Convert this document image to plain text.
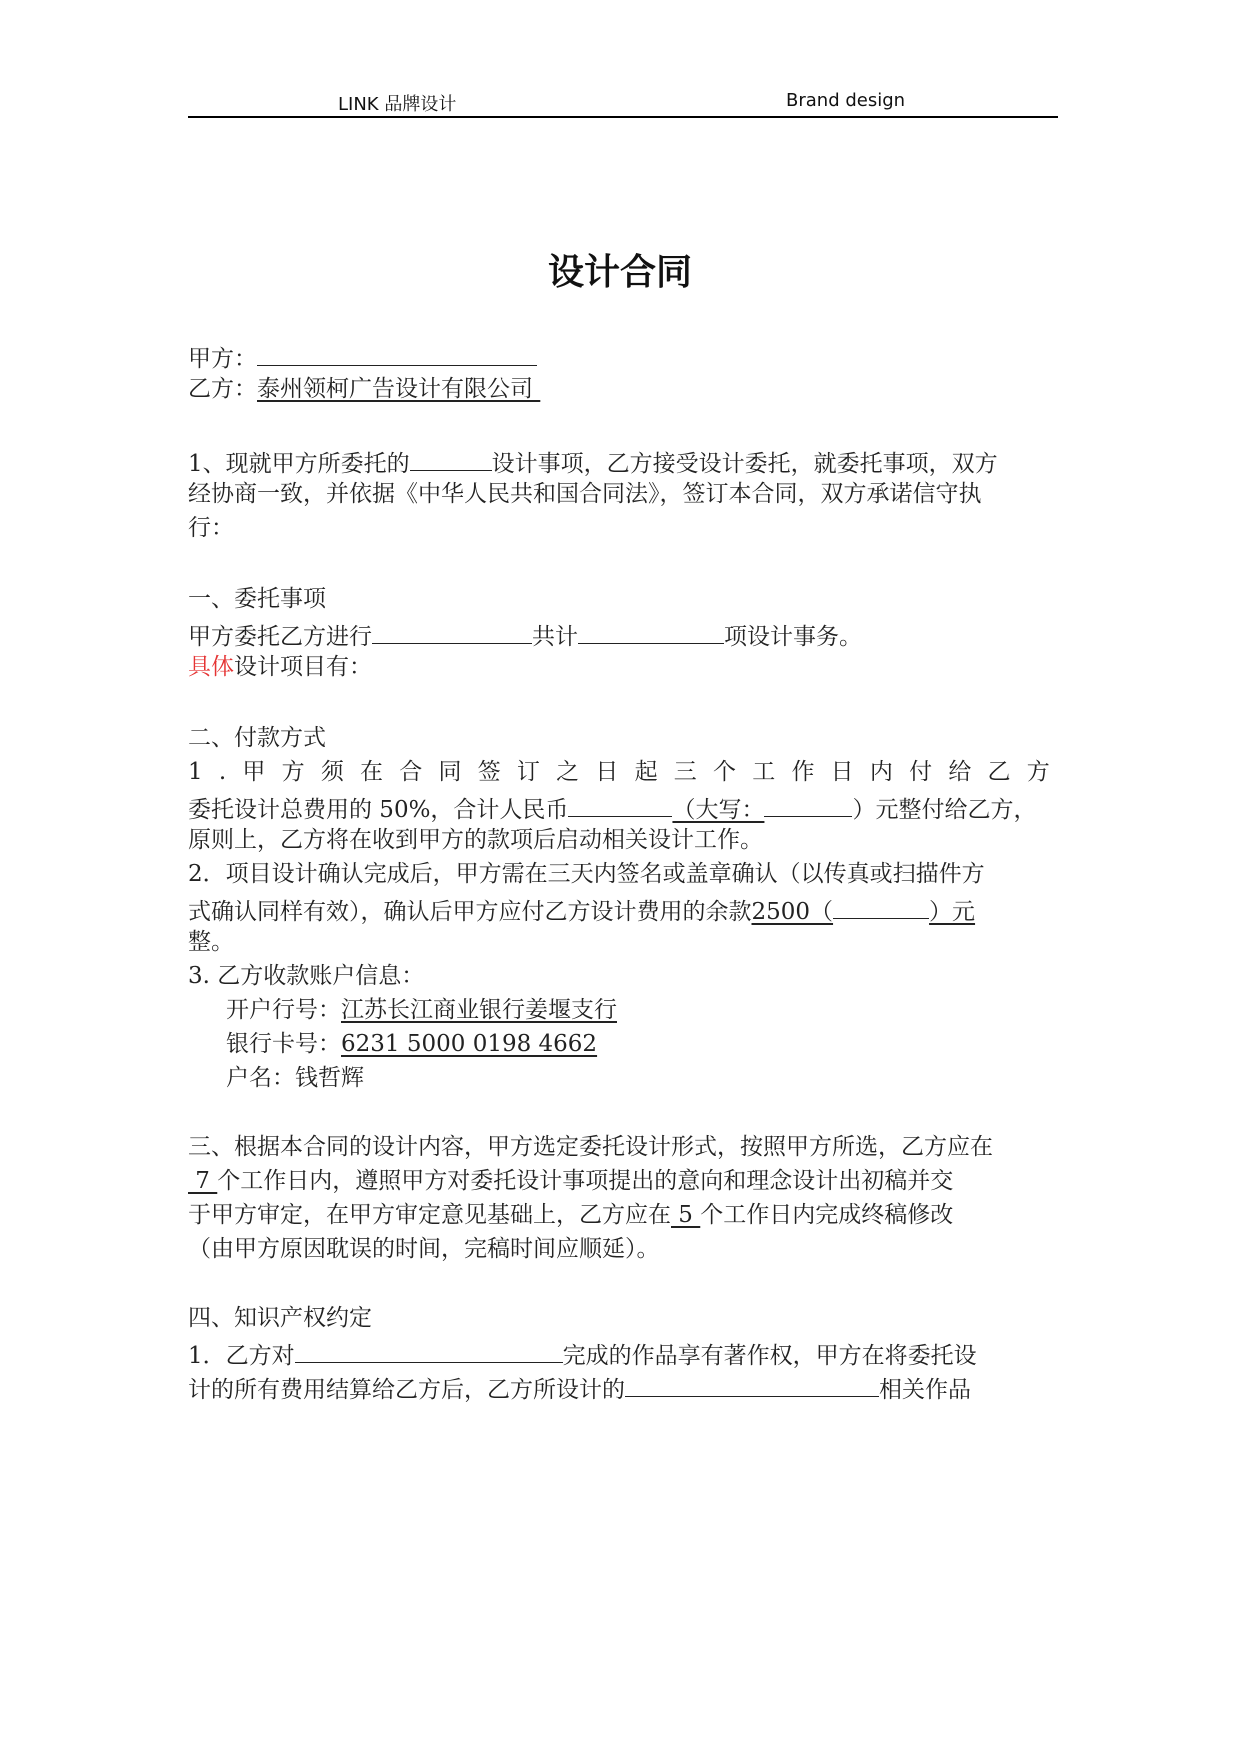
LINK 品牌设计	Brand design
设计合同
甲方：
乙方：泰州领柯广告设计有限公司
1、现就甲方所委托的	设计事项，乙方接受设计委托，就委托事项，双方
经协商一致，并依据《中华人民共和国合同法》，签订本合同，双方承诺信守执
行：
一、委托事项
甲方委托乙方进行	共计	项设计事务。
具体设计项目有：
二、付款方式
1 . 甲 方 须 在 合 同 签 订 之 日 起 三 个 工 作 日 内 付 给 乙 方
委托设计总费用的 50%，合计人民币	（大写：	）元整付给乙方，
原则上，乙方将在收到甲方的款项后启动相关设计工作。
2．项目设计确认完成后，甲方需在三天内签名或盖章确认（以传真或扫描件方
式确认同样有效），确认后甲方应付乙方设计费用的余款2500（	）元
整。
3. 乙方收款账户信息：
开户行号：江苏长江商业银行姜堰支行
银行卡号：6231 5000 0198 4662
户名：钱哲辉
三、根据本合同的设计内容，甲方选定委托设计形式，按照甲方所选，乙方应在
7 个工作日内，遵照甲方对委托设计事项提出的意向和理念设计出初稿并交
于甲方审定，在甲方审定意见基础上，乙方应在 5 个工作日内完成终稿修改
（由甲方原因耽误的时间，完稿时间应顺延）。
四、知识产权约定
1．乙方对	完成的作品享有著作权，甲方在将委托设
计的所有费用结算给乙方后，乙方所设计的	相关作品
